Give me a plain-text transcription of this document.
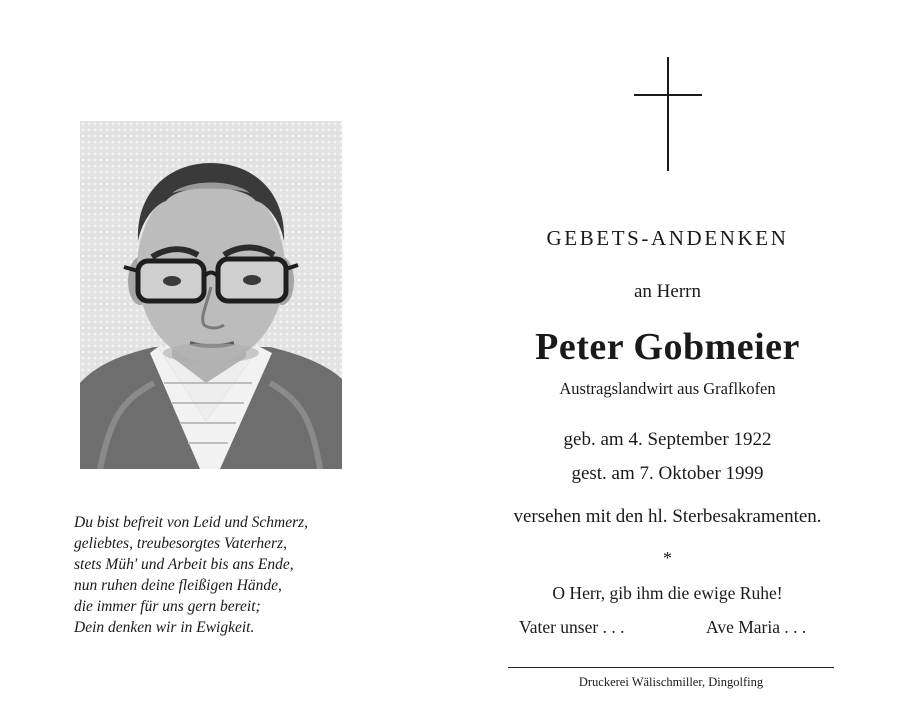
Du bist befreit von Leid und Schmerz,
geliebtes, treubesorgtes Vaterherz,
stets Müh' und Arbeit bis ans Ende,
nun ruhen deine fleißigen Hände,
die immer für uns gern bereit;
Dein denken wir in Ewigkeit.
GEBETS-ANDENKEN
an Herrn
Peter Gobmeier
Austragslandwirt aus Graflkofen
geb. am 4. September 1922
gest. am 7. Oktober 1999
versehen mit den hl. Sterbesakramenten.
*
O Herr, gib ihm die ewige Ruhe!
Vater unser . . .	Ave Maria . . .
Druckerei Wälischmiller, Dingolfing
